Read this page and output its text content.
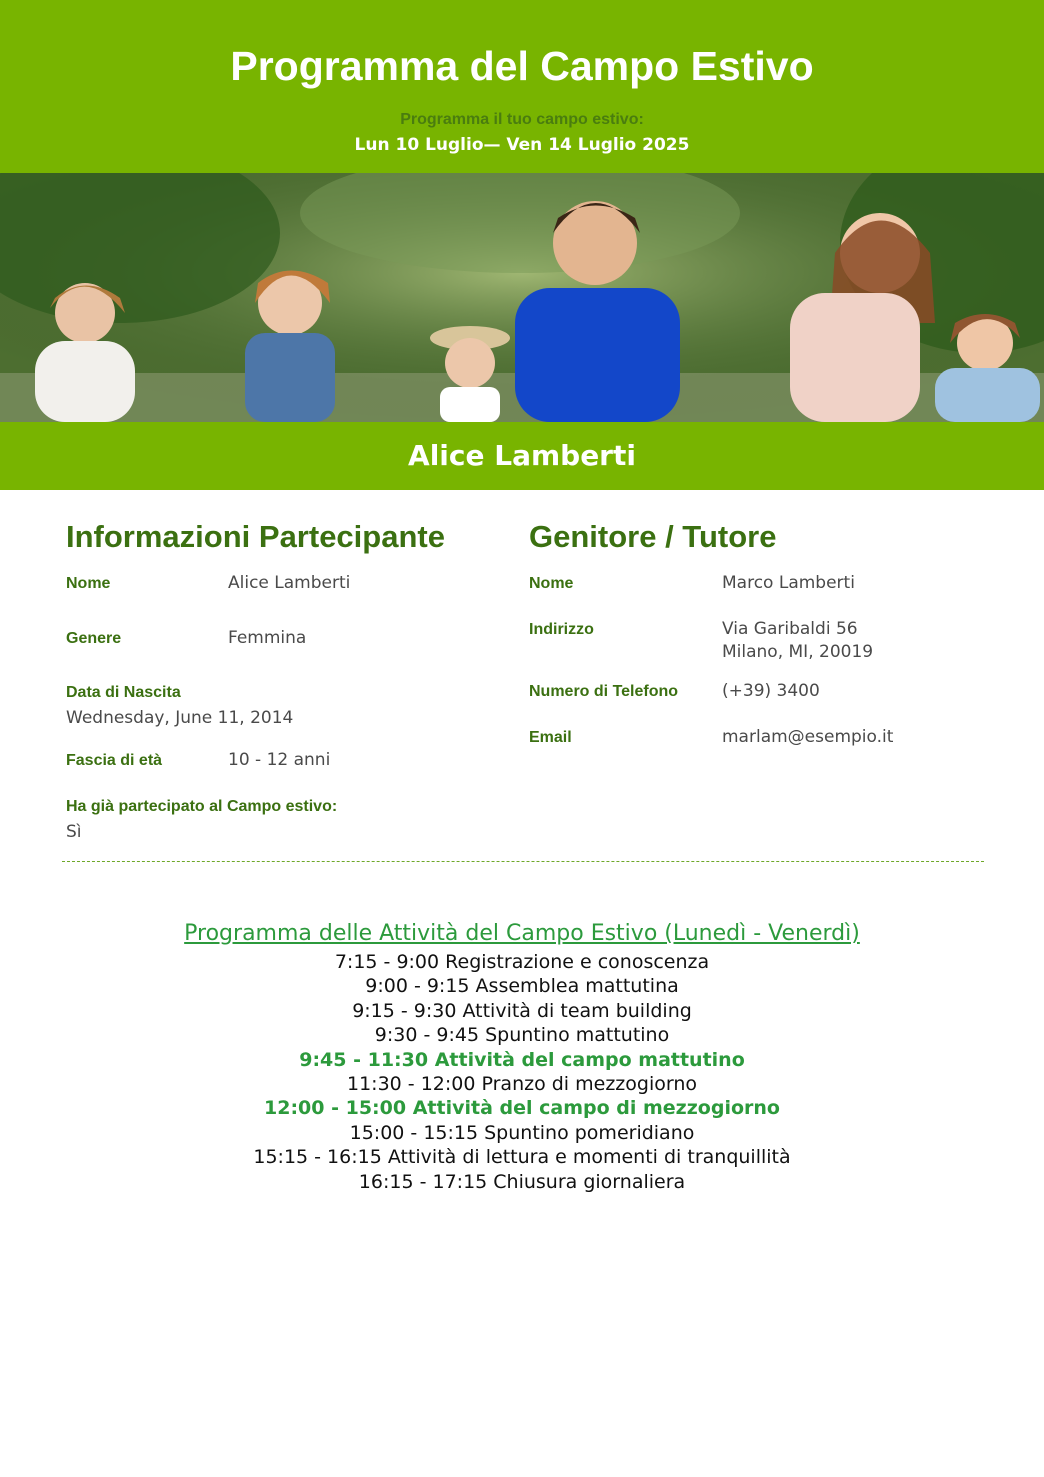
Programma del Campo Estivo
Programma il tuo campo estivo:
Lun 10 Luglio— Ven 14 Luglio 2025
Alice Lamberti
Informazioni Partecipante
Nome	Alice Lamberti
Genere	Femmina
Data di Nascita
Wednesday, June 11, 2014
Fascia di età	10 - 12 anni
Ha già partecipato al Campo estivo:
Sì
Genitore / Tutore
Nome	Marco Lamberti
Indirizzo	Via Garibaldi 56
Milano, MI, 20019
Numero di Telefono	(+39) 3400
Email	marlam@esempio.it
Programma delle Attività del Campo Estivo (Lunedì - Venerdì)
7:15 - 9:00 Registrazione e conoscenza
9:00 - 9:15 Assemblea mattutina
9:15 - 9:30 Attività di team building
9:30 - 9:45 Spuntino mattutino
9:45 - 11:30 Attività del campo mattutino
11:30 - 12:00 Pranzo di mezzogiorno
12:00 - 15:00 Attività del campo di mezzogiorno
15:00 - 15:15 Spuntino pomeridiano
15:15 - 16:15 Attività di lettura e momenti di tranquillità
16:15 - 17:15 Chiusura giornaliera
